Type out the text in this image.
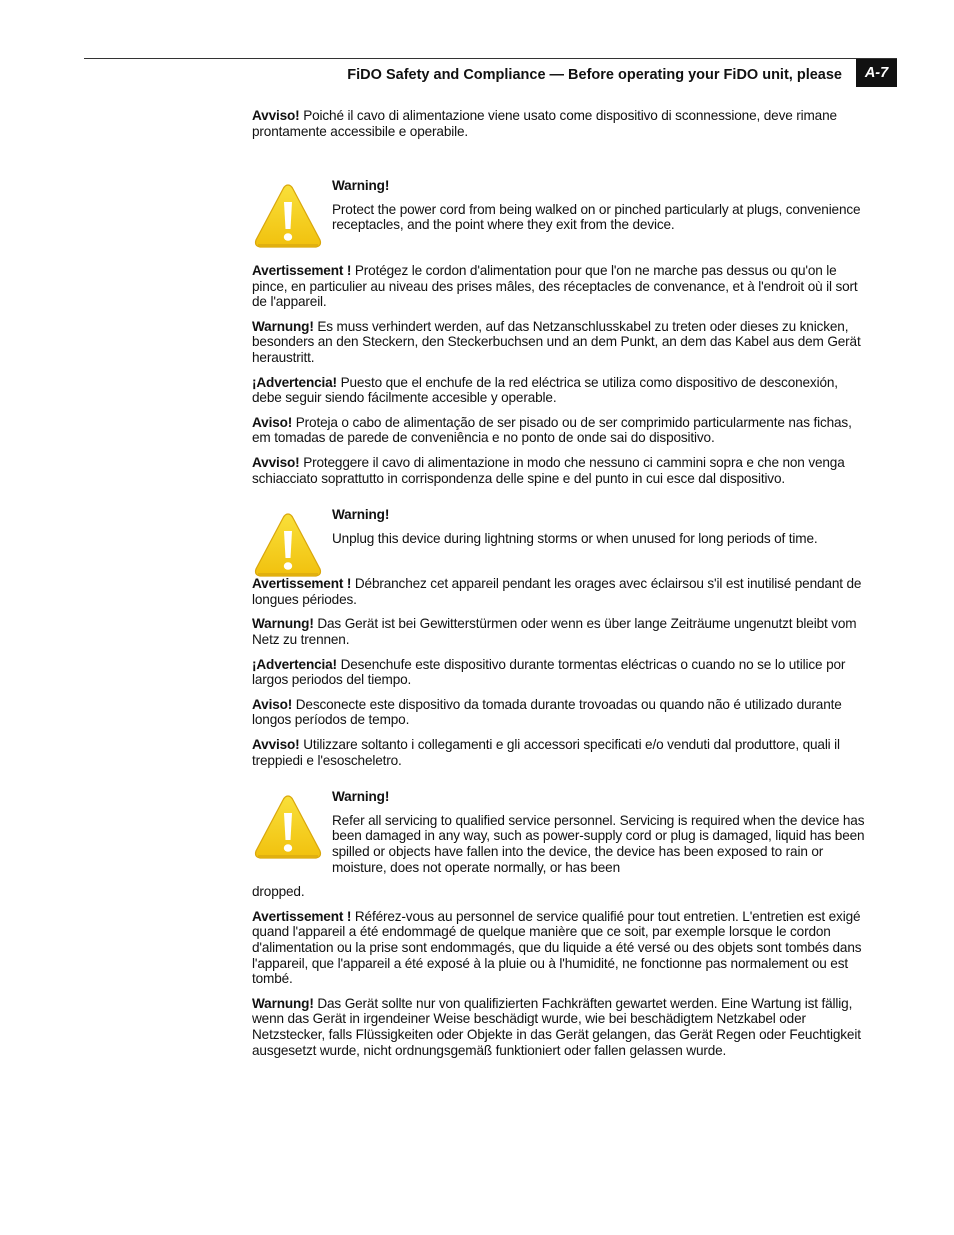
FiDO Safety and Compliance — Before operating your FiDO unit, please	A-7

Avviso! Poiché il cavo di alimentazione viene usato come dispositivo di sconnessione, deve rimane prontamente accessibile e operabile.

Warning!

Protect the power cord from being walked on or pinched particularly at plugs, convenience receptacles, and the point where they exit from the device.

Avertissement ! Protégez le cordon d'alimentation pour que l'on ne marche pas dessus ou qu'on le pince, en particulier au niveau des prises mâles, des réceptacles de convenance, et à l'endroit où il sort de l'appareil.

Warnung! Es muss verhindert werden, auf das Netzanschlusskabel zu treten oder dieses zu knicken, besonders an den Steckern, den Steckerbuchsen und an dem Punkt, an dem das Kabel aus dem Gerät heraustritt.

¡Advertencia! Puesto que el enchufe de la red eléctrica se utiliza como dispositivo de desconexión, debe seguir siendo fácilmente accesible y operable.

Aviso! Proteja o cabo de alimentação de ser pisado ou de ser comprimido particularmente nas fichas, em tomadas de parede de conveniência e no ponto de onde sai do dispositivo.

Avviso! Proteggere il cavo di alimentazione in modo che nessuno ci cammini sopra e che non venga schiacciato soprattutto in corrispondenza delle spine e del punto in cui esce dal dispositivo.

Warning!

Unplug this device during lightning storms or when unused for long periods of time.

Avertissement ! Débranchez cet appareil pendant les orages avec éclairsou s'il est inutilisé pendant de longues périodes.

Warnung! Das Gerät ist bei Gewitterstürmen oder wenn es über lange Zeiträume ungenutzt bleibt vom Netz zu trennen.

¡Advertencia! Desenchufe este dispositivo durante tormentas eléctricas o cuando no se lo utilice por largos periodos del tiempo.

Aviso! Desconecte este dispositivo da tomada durante trovoadas ou quando não é utilizado durante longos períodos de tempo.

Avviso! Utilizzare soltanto i collegamenti e gli accessori specificati e/o venduti dal produttore, quali il treppiedi e l'esoscheletro.

Warning!

Refer all servicing to qualified service personnel. Servicing is required when the device has been damaged in any way, such as power-supply cord or plug is damaged, liquid has been spilled or objects have fallen into the device, the device has been exposed to rain or moisture, does not operate normally, or has been

dropped.

Avertissement ! Référez-vous au personnel de service qualifié pour tout entretien. L'entretien est exigé quand l'appareil a été endommagé de quelque manière que ce soit, par exemple lorsque le cordon d'alimentation ou la prise sont endommagés, que du liquide a été versé ou des objets sont tombés dans l'appareil, que l'appareil a été exposé à la pluie ou à l'humidité, ne fonctionne pas normalement ou est tombé.

Warnung! Das Gerät sollte nur von qualifizierten Fachkräften gewartet werden. Eine Wartung ist fällig, wenn das Gerät in irgendeiner Weise beschädigt wurde, wie bei beschädigtem Netzkabel oder Netzstecker, falls Flüssigkeiten oder Objekte in das Gerät gelangen, das Gerät Regen oder Feuchtigkeit ausgesetzt wurde, nicht ordnungsgemäß funktioniert oder fallen gelassen wurde.
